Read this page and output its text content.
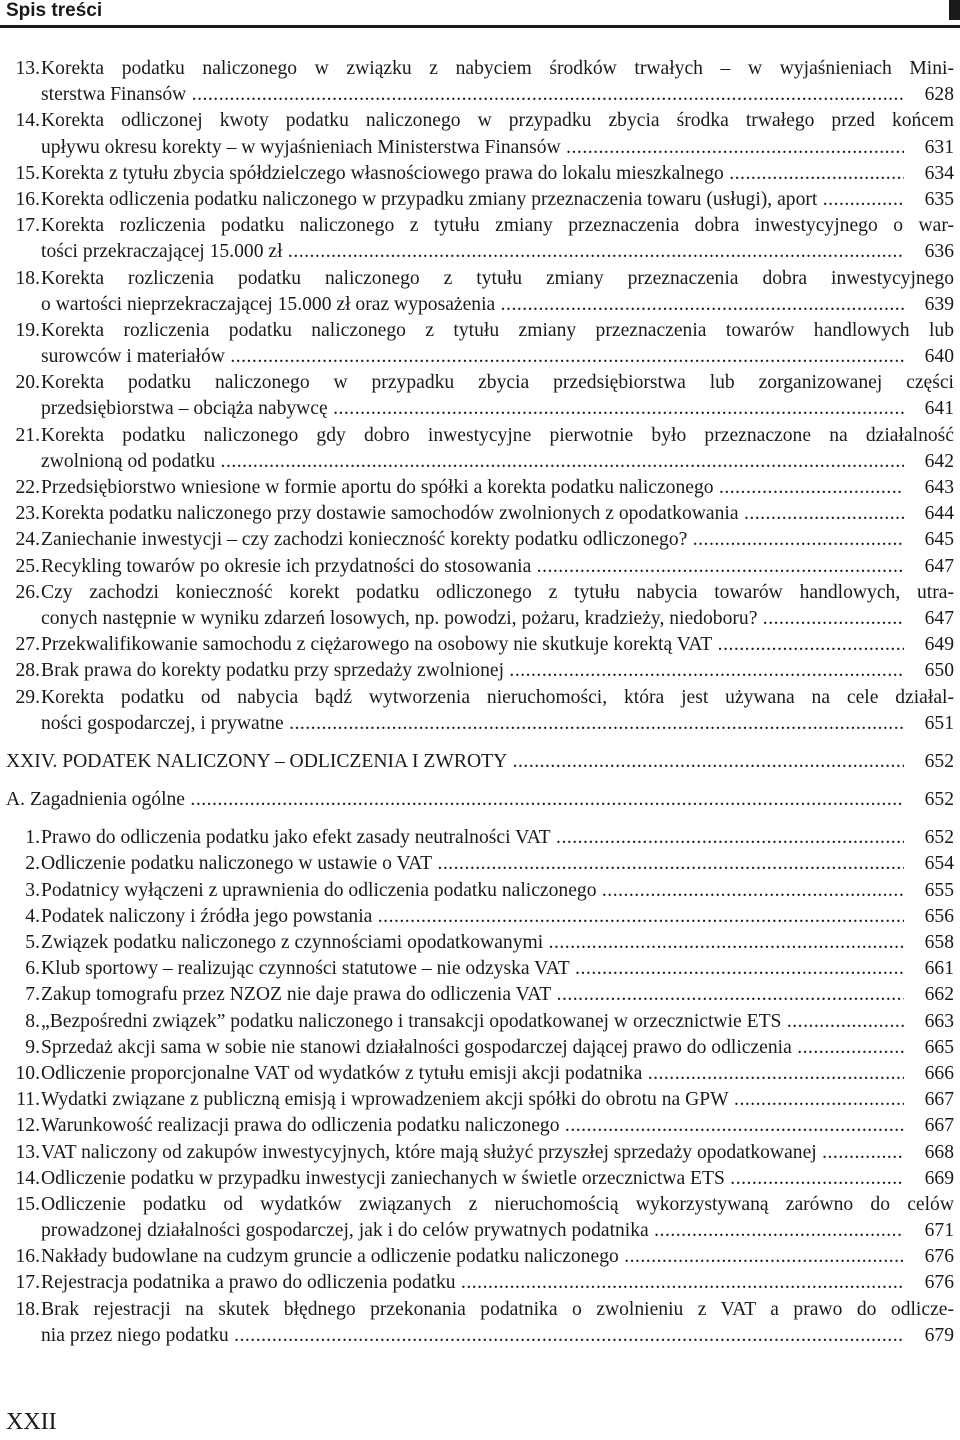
Spis treści
13. Korekta podatku naliczonego w związku z nabyciem środków trwałych – w wyjaśnieniach Mini-
sterstwa Finansów .....	628
14. Korekta odliczonej kwoty podatku naliczonego w przypadku zbycia środka trwałego przed końcem
upływu okresu korekty – w wyjaśnieniach Ministerstwa Finansów .....	631
15. Korekta z tytułu zbycia spółdzielczego własnościowego prawa do lokalu mieszkalnego .....	634
16. Korekta odliczenia podatku naliczonego w przypadku zmiany przeznaczenia towaru (usługi), aport .....	635
17. Korekta rozliczenia podatku naliczonego z tytułu zmiany przeznaczenia dobra inwestycyjnego o war-
tości przekraczającej 15.000 zł .....	636
18. Korekta rozliczenia podatku naliczonego z tytułu zmiany przeznaczenia dobra inwestycyjnego
o wartości nieprzekraczającej 15.000 zł oraz wyposażenia .....	639
19. Korekta rozliczenia podatku naliczonego z tytułu zmiany przeznaczenia towarów handlowych lub
surowców i materiałów .....	640
20. Korekta podatku naliczonego w przypadku zbycia przedsiębiorstwa lub zorganizowanej części
przedsiębiorstwa – obciąża nabywcę .....	641
21. Korekta podatku naliczonego gdy dobro inwestycyjne pierwotnie było przeznaczone na działalność
zwolnioną od podatku .....	642
22. Przedsiębiorstwo wniesione w formie aportu do spółki a korekta podatku naliczonego .....	643
23. Korekta podatku naliczonego przy dostawie samochodów zwolnionych z opodatkowania .....	644
24. Zaniechanie inwestycji – czy zachodzi konieczność korekty podatku odliczonego? .....	645
25. Recykling towarów po okresie ich przydatności do stosowania .....	647
26. Czy zachodzi konieczność korekt podatku odliczonego z tytułu nabycia towarów handlowych, utra-
conych następnie w wyniku zdarzeń losowych, np. powodzi, pożaru, kradzieży, niedoboru? .....	647
27. Przekwalifikowanie samochodu z ciężarowego na osobowy nie skutkuje korektą VAT .....	649
28. Brak prawa do korekty podatku przy sprzedaży zwolnionej .....	650
29. Korekta podatku od nabycia bądź wytworzenia nieruchomości, która jest używana na cele działal-
ności gospodarczej, i prywatne .....	651
XXIV. PODATEK NALICZONY – ODLICZENIA I ZWROTY .....	652
A. Zagadnienia ogólne .....	652
1. Prawo do odliczenia podatku jako efekt zasady neutralności VAT .....	652
2. Odliczenie podatku naliczonego w ustawie o VAT .....	654
3. Podatnicy wyłączeni z uprawnienia do odliczenia podatku naliczonego .....	655
4. Podatek naliczony i źródła jego powstania .....	656
5. Związek podatku naliczonego z czynnościami opodatkowanymi .....	658
6. Klub sportowy – realizując czynności statutowe – nie odzyska VAT .....	661
7. Zakup tomografu przez NZOZ nie daje prawa do odliczenia VAT .....	662
8. „Bezpośredni związek” podatku naliczonego i transakcji opodatkowanej w orzecznictwie ETS .....	663
9. Sprzedaż akcji sama w sobie nie stanowi działalności gospodarczej dającej prawo do odliczenia .....	665
10. Odliczenie proporcjonalne VAT od wydatków z tytułu emisji akcji podatnika .....	666
11. Wydatki związane z publiczną emisją i wprowadzeniem akcji spółki do obrotu na GPW .....	667
12. Warunkowość realizacji prawa do odliczenia podatku naliczonego .....	667
13. VAT naliczony od zakupów inwestycyjnych, które mają służyć przyszłej sprzedaży opodatkowanej .....	668
14. Odliczenie podatku w przypadku inwestycji zaniechanych w świetle orzecznictwa ETS .....	669
15. Odliczenie podatku od wydatków związanych z nieruchomością wykorzystywaną zarówno do celów
prowadzonej działalności gospodarczej, jak i do celów prywatnych podatnika .....	671
16. Nakłady budowlane na cudzym gruncie a odliczenie podatku naliczonego .....	676
17. Rejestracja podatnika a prawo do odliczenia podatku .....	676
18. Brak rejestracji na skutek błędnego przekonania podatnika o zwolnieniu z VAT a prawo do odlicze-
nia przez niego podatku .....	679
XXII
